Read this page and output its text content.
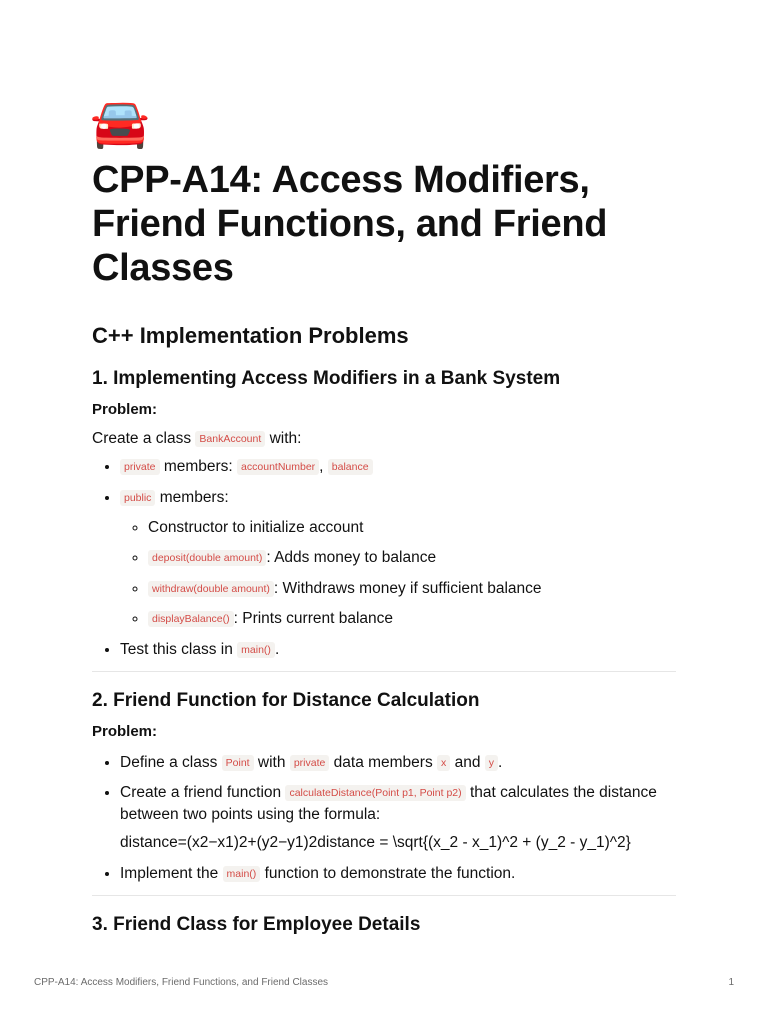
🚘
CPP-A14: Access Modifiers, Friend Functions, and Friend Classes
C++ Implementation Problems
1. Implementing Access Modifiers in a Bank System
Problem:

Create a class BankAccount with:

• private members: accountNumber , balance
• public members:
◦ Constructor to initialize account
◦ deposit(double amount) : Adds money to balance
◦ withdraw(double amount) : Withdraws money if sufficient balance
◦ displayBalance() : Prints current balance
• Test this class in main() .
2. Friend Function for Distance Calculation
Problem:
• Define a class Point with private data members x and y .
• Create a friend function calculateDistance(Point p1, Point p2) that calculates the distance between two points using the formula:
distance=(x2−x1)2+(y2−y1)2distance = \sqrt{(x_2 - x_1)^2 + (y_2 - y_1)^2}
• Implement the main() function to demonstrate the function.
3. Friend Class for Employee Details
CPP-A14: Access Modifiers, Friend Functions, and Friend Classes	1
